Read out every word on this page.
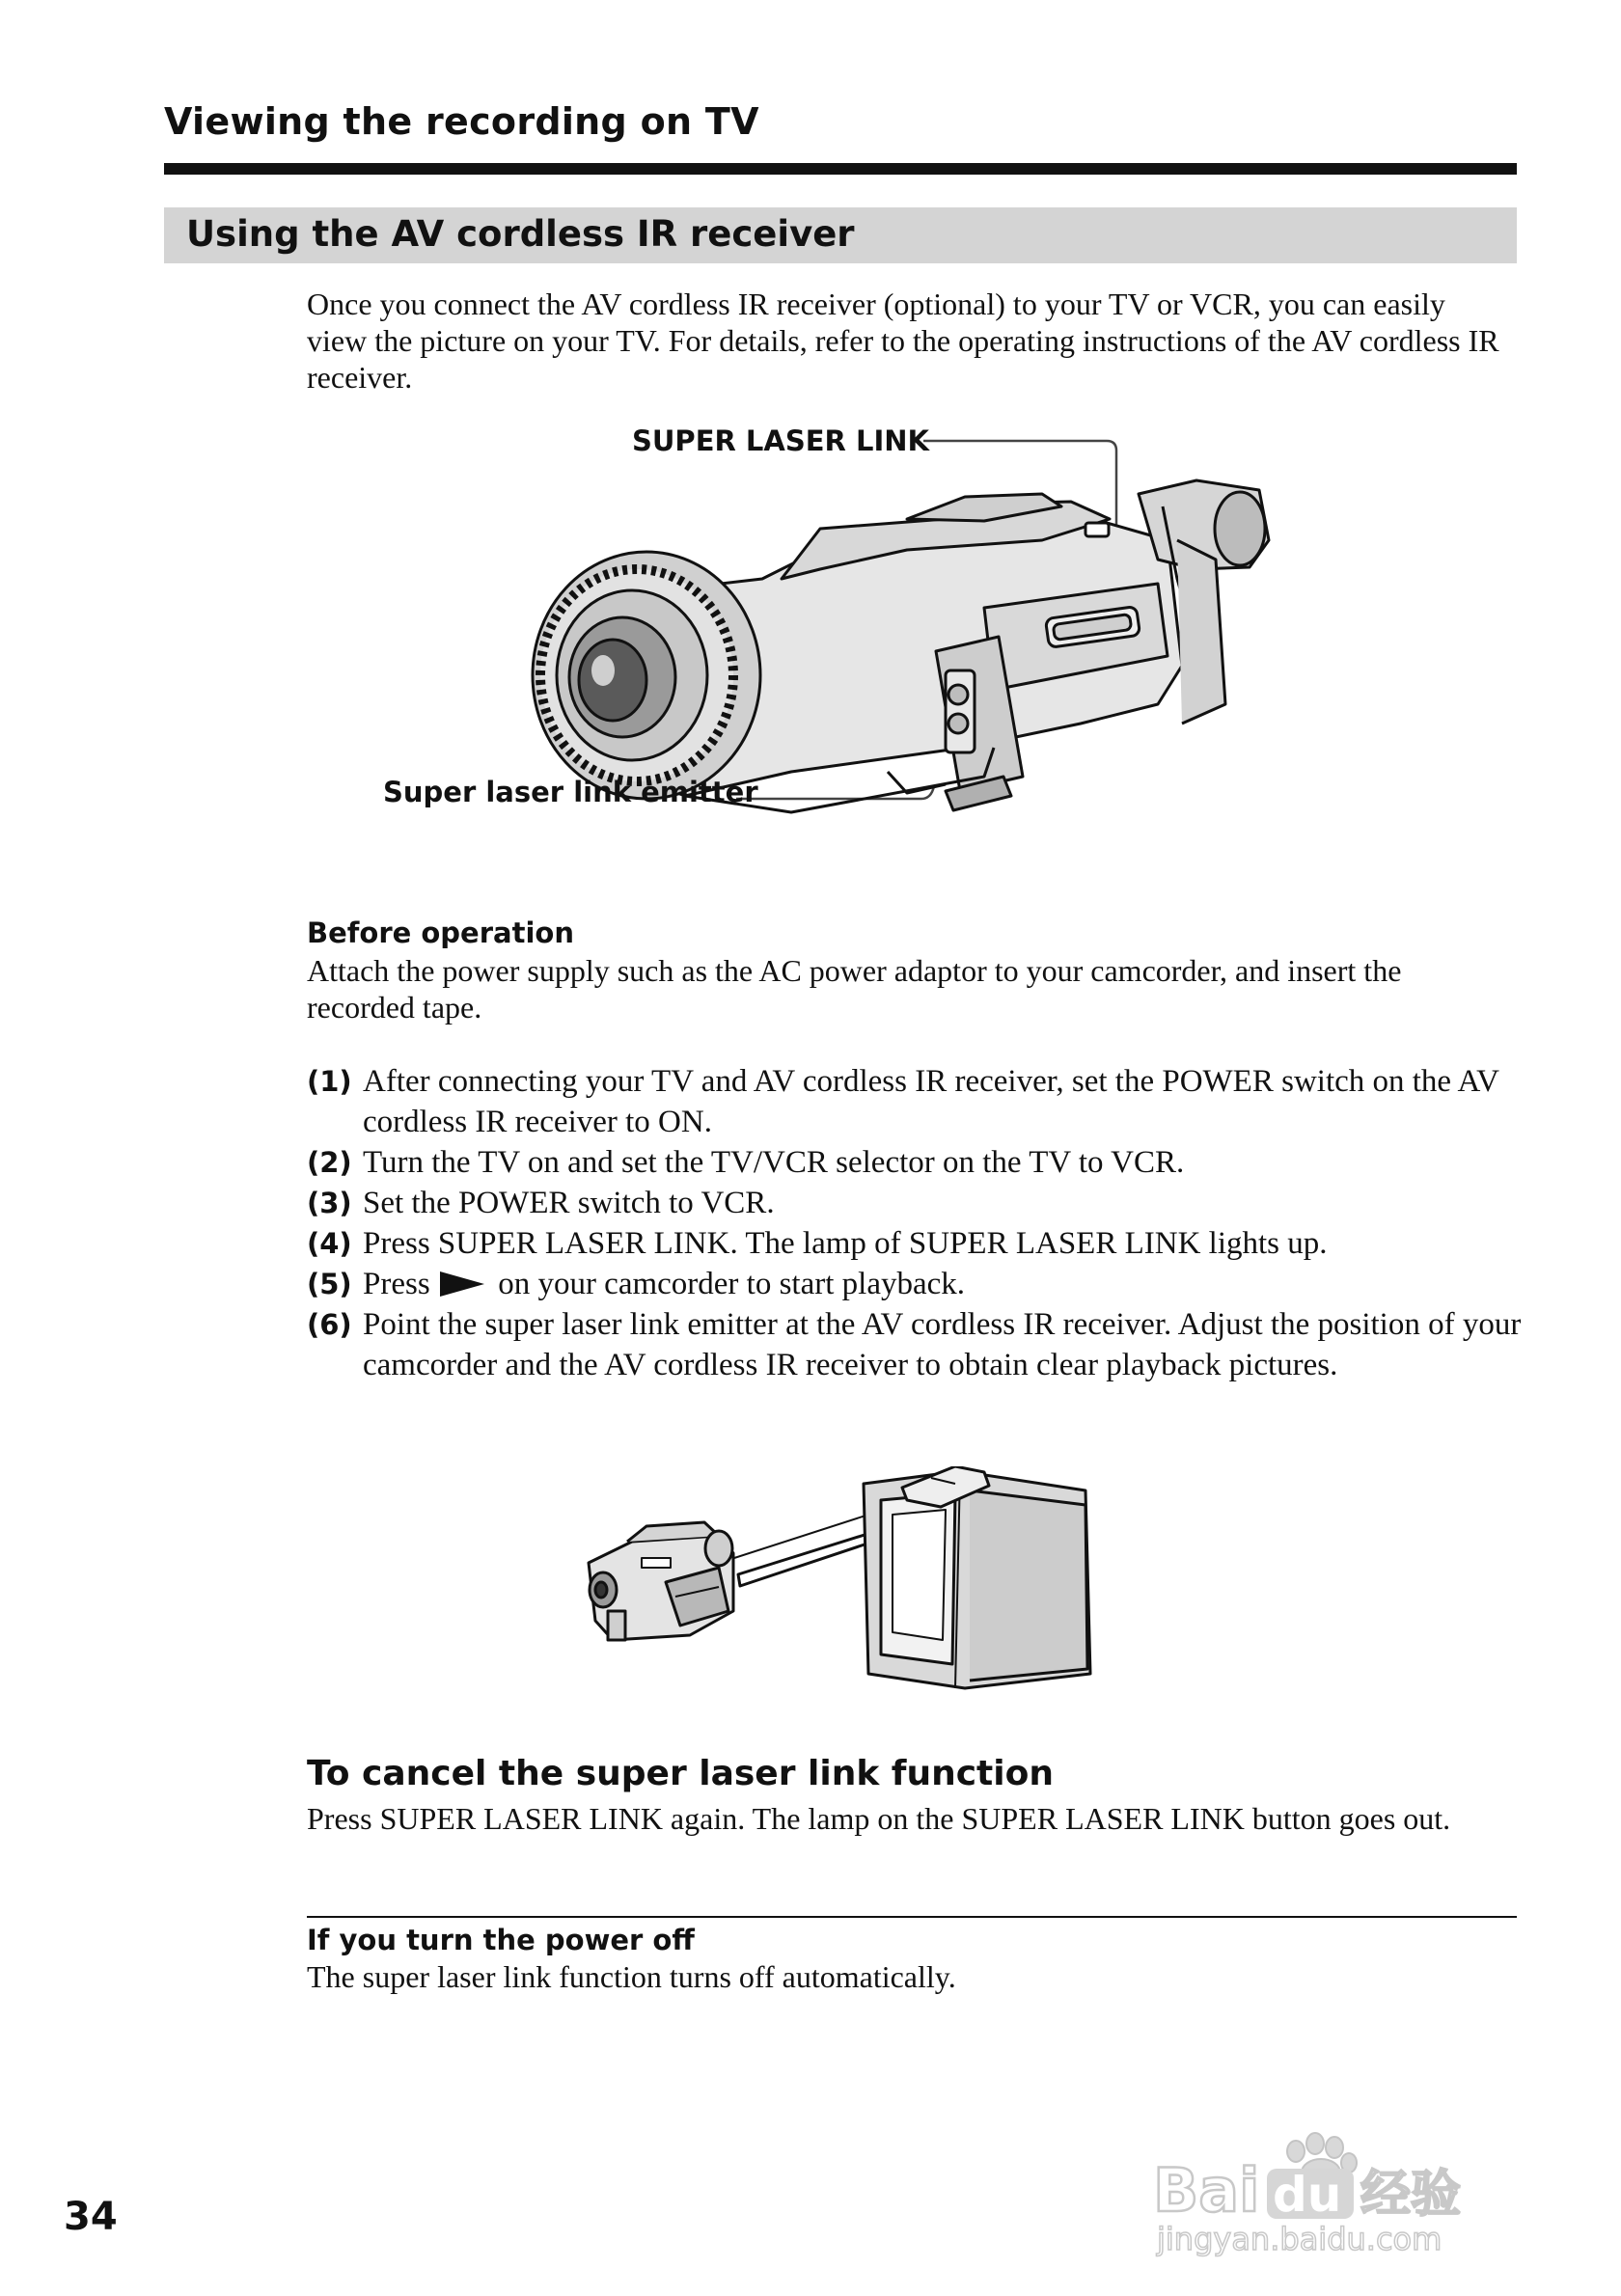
Viewing the recording on TV
Using the AV cordless IR receiver
Once you connect the AV cordless IR receiver (optional) to your TV or VCR, you can easily view the picture on your TV. For details, refer to the operating instructions of the AV cordless IR receiver.
SUPER LASER LINK
Super laser link emitter
Before operation
Attach the power supply such as the AC power adaptor to your camcorder, and insert the recorded tape.
(1) After connecting your TV and AV cordless IR receiver, set the POWER switch on the AV cordless IR receiver to ON.
(2) Turn the TV on and set the TV/VCR selector on the TV to VCR.
(3) Set the POWER switch to VCR.
(4) Press SUPER LASER LINK. The lamp of SUPER LASER LINK lights up.
(5) Press on your camcorder to start playback.
(6) Point the super laser link emitter at the AV cordless IR receiver. Adjust the position of your camcorder and the AV cordless IR receiver to obtain clear playback pictures.
To cancel the super laser link function
Press SUPER LASER LINK again. The lamp on the SUPER LASER LINK button goes out.
If you turn the power off
The super laser link function turns off automatically.
34	Bai du 经验
jingyan.baidu.com
